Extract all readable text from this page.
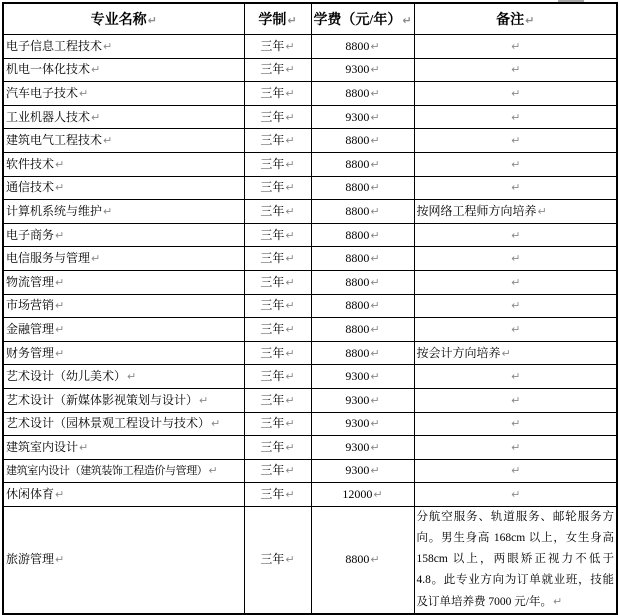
专业名称↵	学制↵	学费（元/年）↵	备注↵
电子信息工程技术↵	三年↵	8800↵	↵
机电一体化技术↵	三年↵	9300↵	↵
汽车电子技术↵	三年↵	8800↵	↵
工业机器人技术↵	三年↵	9300↵	↵
建筑电气工程技术↵	三年↵	8800↵	↵
软件技术↵	三年↵	8800↵	↵
通信技术↵	三年↵	8800↵	↵
计算机系统与维护↵	三年↵	8800↵	按网络工程师方向培养↵
电子商务↵	三年↵	8800↵	↵
电信服务与管理↵	三年↵	8800↵	↵
物流管理↵	三年↵	8800↵	↵
市场营销↵	三年↵	8800↵	↵
金融管理↵	三年↵	8800↵	↵
财务管理↵	三年↵	8800↵	按会计方向培养↵
艺术设计（幼儿美术）↵	三年↵	9300↵	↵
艺术设计（新媒体影视策划与设计）↵	三年↵	9300↵	↵
艺术设计（园林景观工程设计与技术）↵	三年↵	9300↵	↵
建筑室内设计↵	三年↵	9300↵	↵
建筑室内设计（建筑装饰工程造价与管理）↵	三年↵	9300↵	↵
休闲体育↵	三年↵	12000↵	↵
旅游管理↵	三年↵	8800↵	分航空服务、轨道服务、邮轮服务方向。男生身高 168cm 以上，女生身高 158cm 以上，两眼矫正视力不低于 4.8。此专业方向为订单就业班，技能及订单培养费 7000 元/年。↵
